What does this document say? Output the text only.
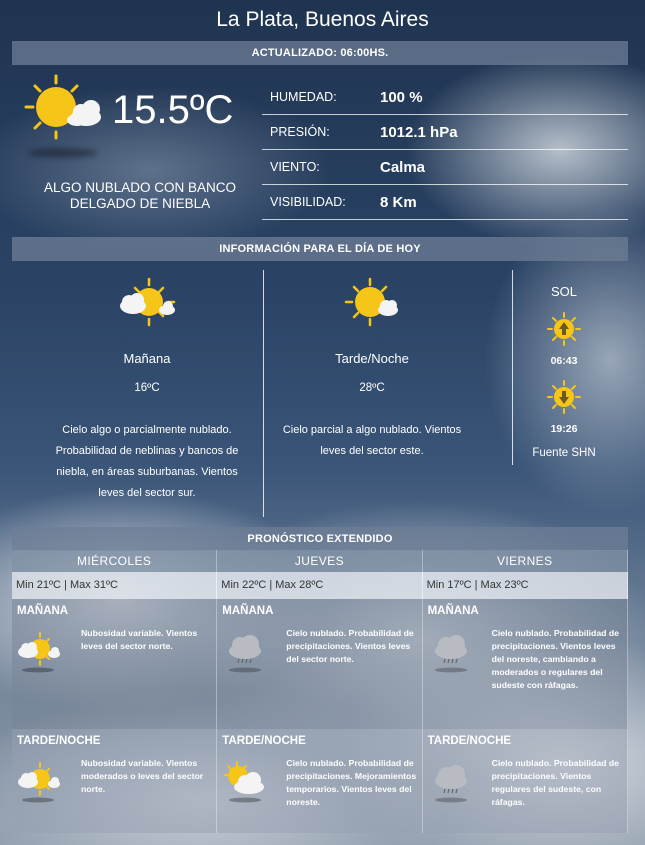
La Plata, Buenos Aires
ACTUALIZADO: 06:00HS.
15.5ºC
ALGO NUBLADO CON BANCO DELGADO DE NIEBLA
HUMEDAD:	100 %
PRESIÓN:	1012.1 hPa
VIENTO:	Calma
VISIBILIDAD:	8 Km
INFORMACIÓN PARA EL DÍA DE HOY
Mañana
16ºC
Cielo algo o parcialmente nublado. Probabilidad de neblinas y bancos de niebla, en áreas suburbanas. Vientos leves del sector sur.
Tarde/Noche
28ºC
Cielo parcial a algo nublado. Vientos leves del sector este.
SOL
06:43
19:26
Fuente SHN
PRONÓSTICO EXTENDIDO
MIÉRCOLES
Min 21ºC | Max 31ºC
MAÑANA
Nubosidad variable. Vientos leves del sector norte.
TARDE/NOCHE
Nubosidad variable. Vientos moderados o leves del sector norte.
JUEVES
Min 22ºC | Max 28ºC
MAÑANA
Cielo nublado. Probabilidad de precipitaciones. Vientos leves del sector norte.
TARDE/NOCHE
Cielo nublado. Probabilidad de precipitaciones. Mejoramientos temporarios. Vientos leves del noreste.
VIERNES
Min 17ºC | Max 23ºC
MAÑANA
Cielo nublado. Probabilidad de precipitaciones. Vientos leves del noreste, cambiando a moderados o regulares del sudeste con ráfagas.
TARDE/NOCHE
Cielo nublado. Probabilidad de precipitaciones. Vientos regulares del sudeste, con ráfagas.
